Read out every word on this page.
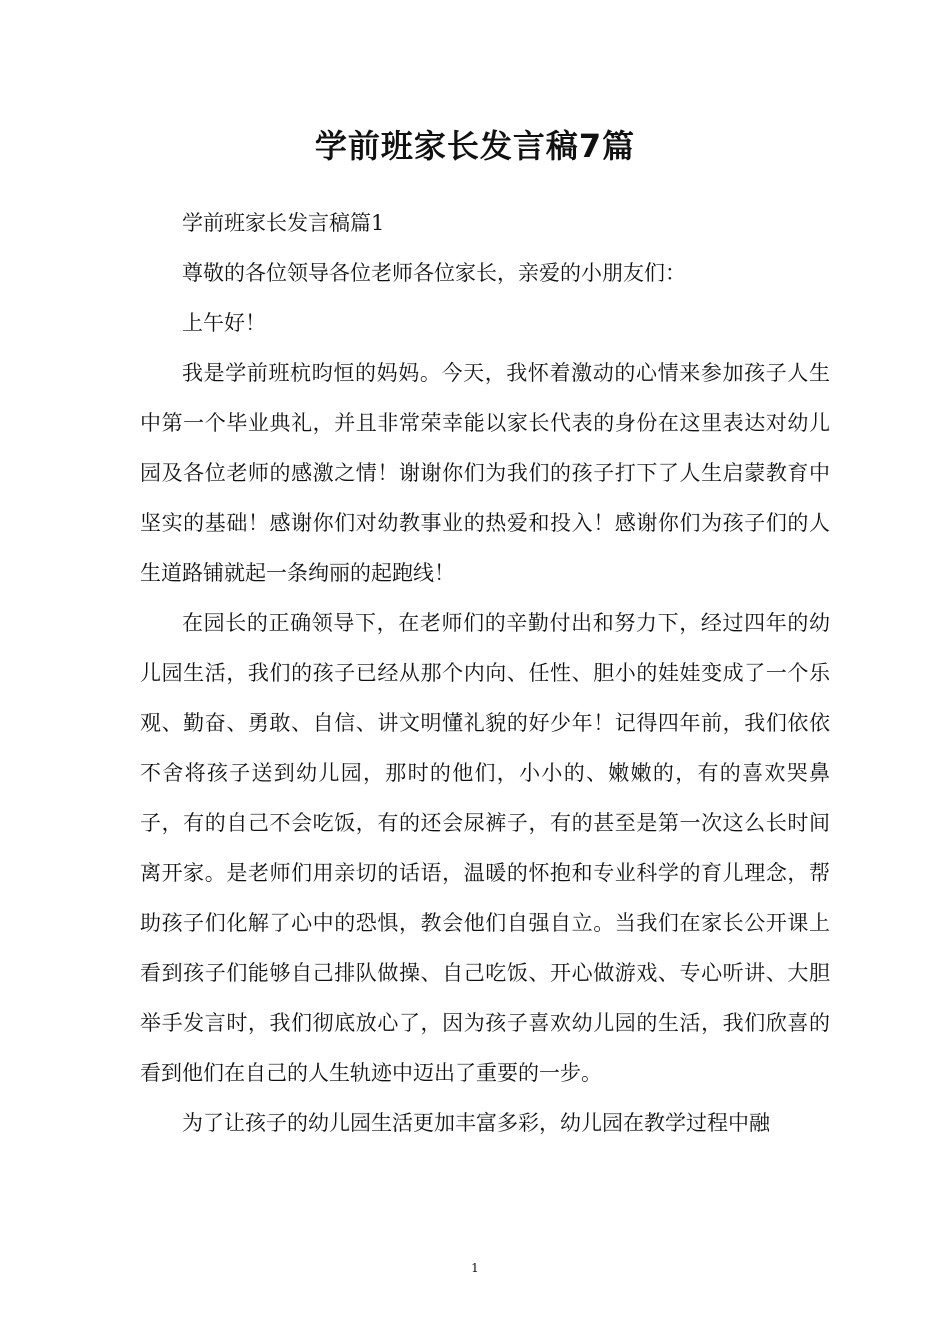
学前班家长发言稿7篇

学前班家长发言稿篇1

尊敬的各位领导各位老师各位家长，亲爱的小朋友们：

上午好！

我是学前班杭昀恒的妈妈。今天，我怀着激动的心情来参加孩子人生中第一个毕业典礼，并且非常荣幸能以家长代表的身份在这里表达对幼儿园及各位老师的感激之情！谢谢你们为我们的孩子打下了人生启蒙教育中坚实的基础！感谢你们对幼教事业的热爱和投入！感谢你们为孩子们的人生道路铺就起一条绚丽的起跑线！

在园长的正确领导下，在老师们的辛勤付出和努力下，经过四年的幼儿园生活，我们的孩子已经从那个内向、任性、胆小的娃娃变成了一个乐观、勤奋、勇敢、自信、讲文明懂礼貌的好少年！记得四年前，我们依依不舍将孩子送到幼儿园，那时的他们，小小的、嫩嫩的，有的喜欢哭鼻子，有的自己不会吃饭，有的还会尿裤子，有的甚至是第一次这么长时间离开家。是老师们用亲切的话语，温暖的怀抱和专业科学的育儿理念，帮助孩子们化解了心中的恐惧，教会他们自强自立。当我们在家长公开课上看到孩子们能够自己排队做操、自己吃饭、开心做游戏、专心听讲、大胆举手发言时，我们彻底放心了，因为孩子喜欢幼儿园的生活，我们欣喜的看到他们在自己的人生轨迹中迈出了重要的一步。

为了让孩子的幼儿园生活更加丰富多彩，幼儿园在教学过程中融

1
